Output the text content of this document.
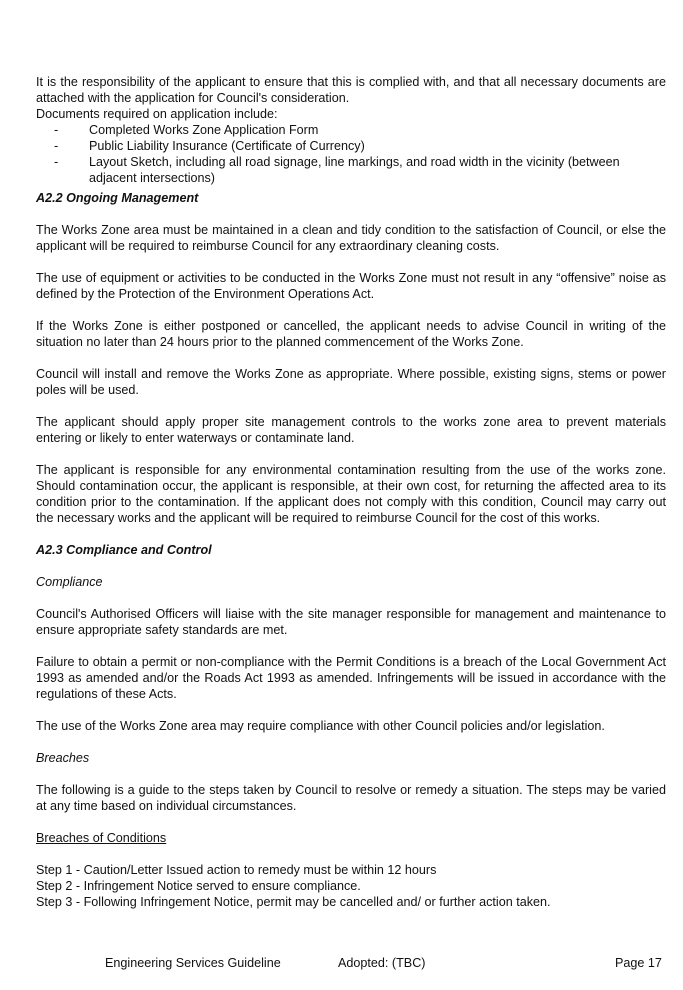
It is the responsibility of the applicant to ensure that this is complied with, and that all necessary documents are attached with the application for Council's consideration.

Documents required on application include:

- Completed Works Zone Application Form
- Public Liability Insurance (Certificate of Currency)
- Layout Sketch, including all road signage, line markings, and road width in the vicinity (between adjacent intersections)
A2.2 Ongoing Management

The Works Zone area must be maintained in a clean and tidy condition to the satisfaction of Council, or else the applicant will be required to reimburse Council for any extraordinary cleaning costs.

The use of equipment or activities to be conducted in the Works Zone must not result in any “offensive” noise as defined by the Protection of the Environment Operations Act.

If the Works Zone is either postponed or cancelled, the applicant needs to advise Council in writing of the situation no later than 24 hours prior to the planned commencement of the Works Zone.

Council will install and remove the Works Zone as appropriate. Where possible, existing signs, stems or power poles will be used.

The applicant should apply proper site management controls to the works zone area to prevent materials entering or likely to enter waterways or contaminate land.

The applicant is responsible for any environmental contamination resulting from the use of the works zone. Should contamination occur, the applicant is responsible, at their own cost, for returning the affected area to its condition prior to the contamination. If the applicant does not comply with this condition, Council may carry out the necessary works and the applicant will be required to reimburse Council for the cost of this works.

A2.3 Compliance and Control

Compliance

Council's Authorised Officers will liaise with the site manager responsible for management and maintenance to ensure appropriate safety standards are met.

Failure to obtain a permit or non-compliance with the Permit Conditions is a breach of the Local Government Act 1993 as amended and/or the Roads Act 1993 as amended. Infringements will be issued in accordance with the regulations of these Acts.

The use of the Works Zone area may require compliance with other Council policies and/or legislation.

Breaches

The following is a guide to the steps taken by Council to resolve or remedy a situation. The steps may be varied at any time based on individual circumstances.

Breaches of Conditions

Step 1 - Caution/Letter Issued action to remedy must be within 12 hours

Step 2 - Infringement Notice served to ensure compliance.

Step 3 - Following Infringement Notice, permit may be cancelled and/ or further action taken.

Engineering Services Guideline	Adopted: (TBC)	Page 17
